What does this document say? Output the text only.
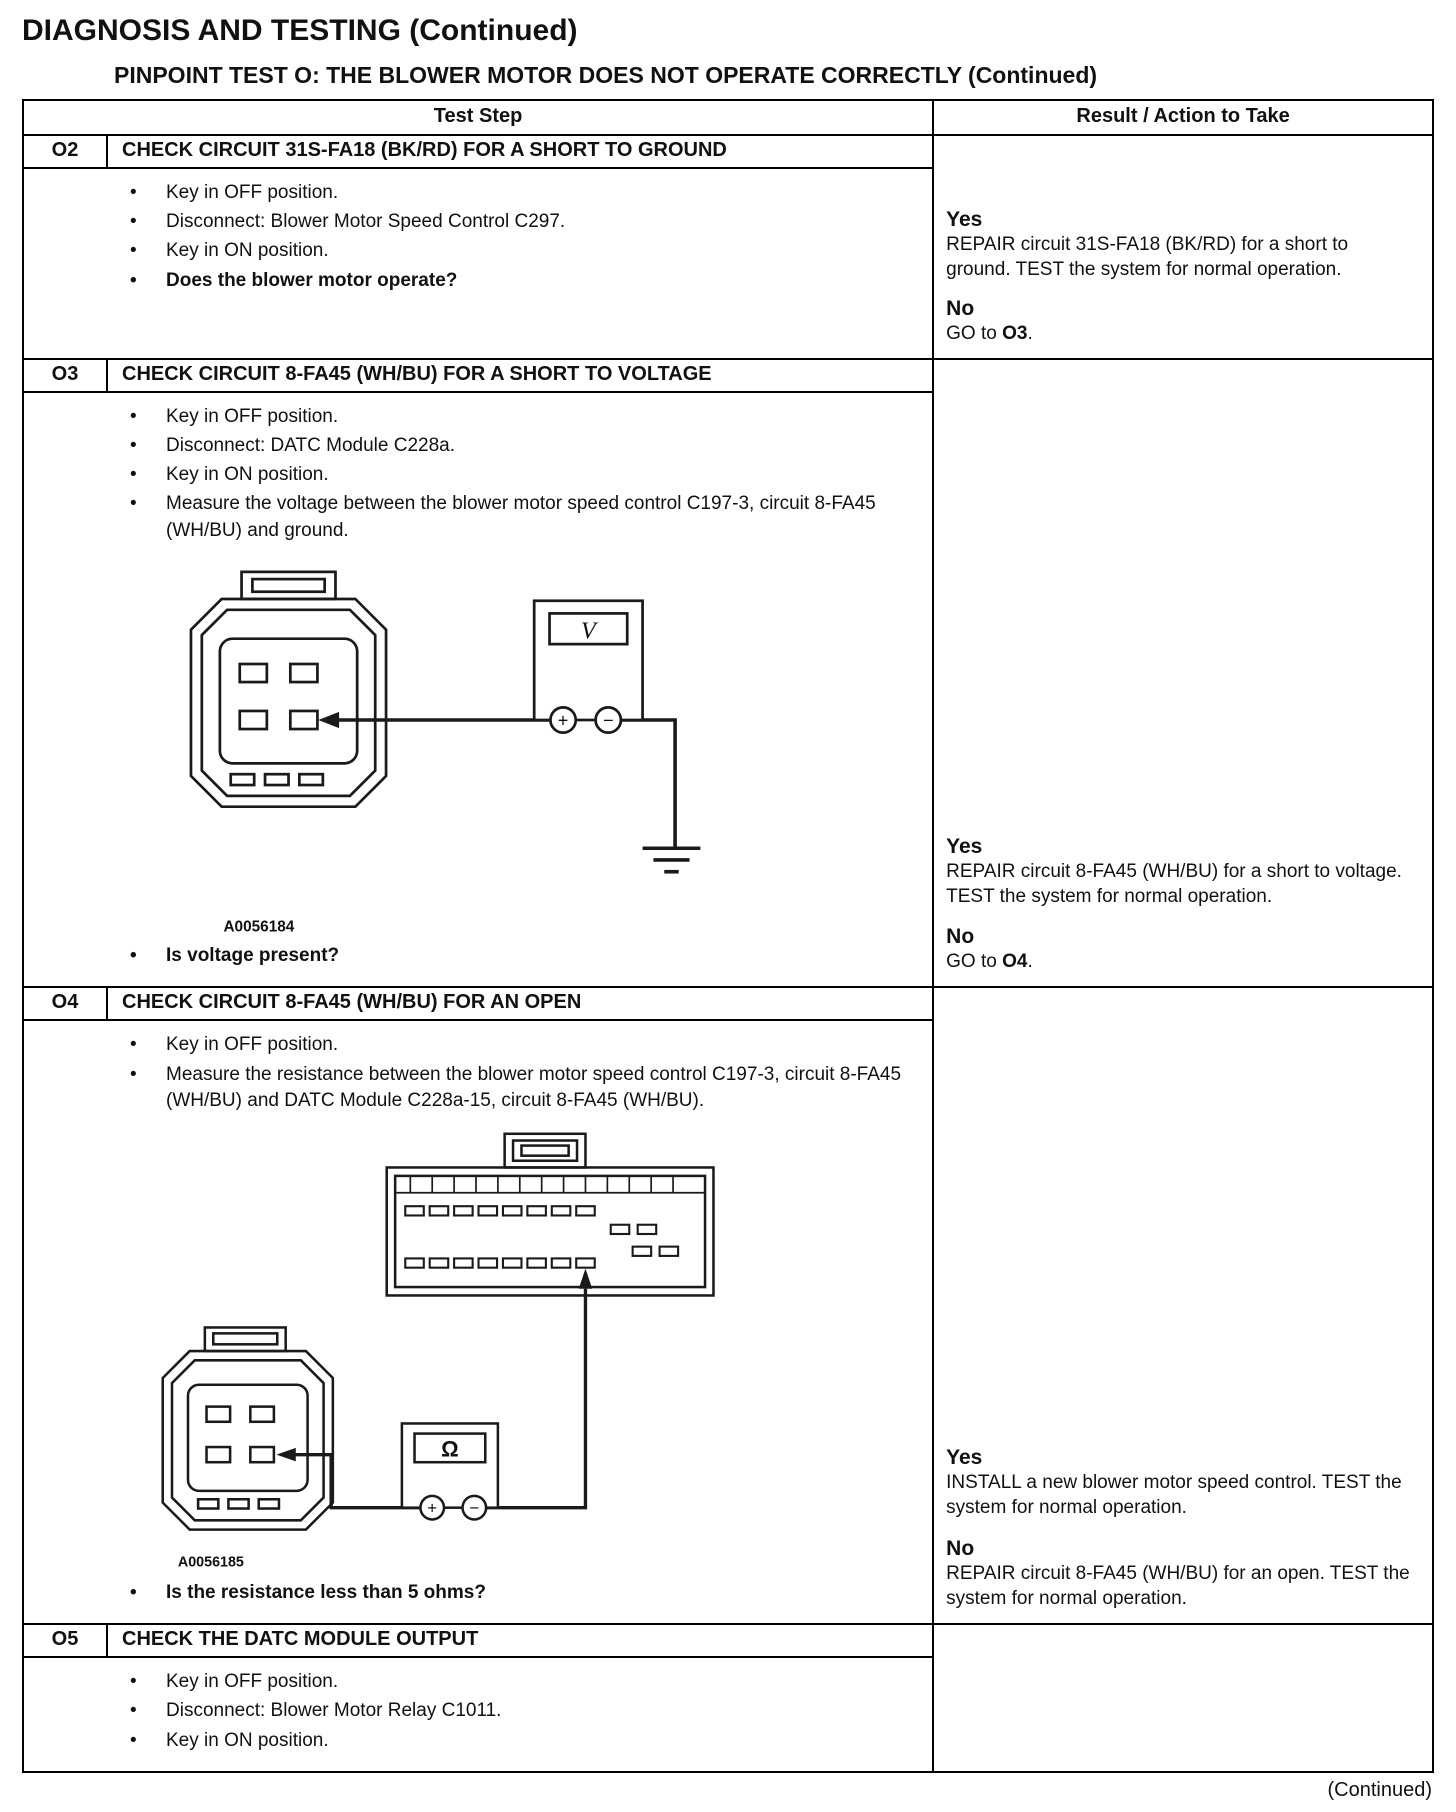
DIAGNOSIS AND TESTING (Continued)
PINPOINT TEST O: THE BLOWER MOTOR DOES NOT OPERATE CORRECTLY (Continued)
Test Step	Result / Action to Take
O2	CHECK CIRCUIT 31S-FA18 (BK/RD) FOR A SHORT TO GROUND
• Key in OFF position.
• Disconnect: Blower Motor Speed Control C297.
• Key in ON position.
• Does the blower motor operate?
Yes
REPAIR circuit 31S-FA18 (BK/RD) for a short to ground. TEST the system for normal operation.
No
GO to O3.
O3	CHECK CIRCUIT 8-FA45 (WH/BU) FOR A SHORT TO VOLTAGE
• Key in OFF position.
• Disconnect: DATC Module C228a.
• Key in ON position.
• Measure the voltage between the blower motor speed control C197-3, circuit 8-FA45 (WH/BU) and ground.
V
+ −
A0056184
• Is voltage present?
Yes
REPAIR circuit 8-FA45 (WH/BU) for a short to voltage. TEST the system for normal operation.
No
GO to O4.
O4	CHECK CIRCUIT 8-FA45 (WH/BU) FOR AN OPEN
• Key in OFF position.
• Measure the resistance between the blower motor speed control C197-3, circuit 8-FA45 (WH/BU) and DATC Module C228a-15, circuit 8-FA45 (WH/BU).
Ω
+ −
A0056185
• Is the resistance less than 5 ohms?
Yes
INSTALL a new blower motor speed control. TEST the system for normal operation.
No
REPAIR circuit 8-FA45 (WH/BU) for an open. TEST the system for normal operation.
O5	CHECK THE DATC MODULE OUTPUT
• Key in OFF position.
• Disconnect: Blower Motor Relay C1011.
• Key in ON position.
(Continued)
